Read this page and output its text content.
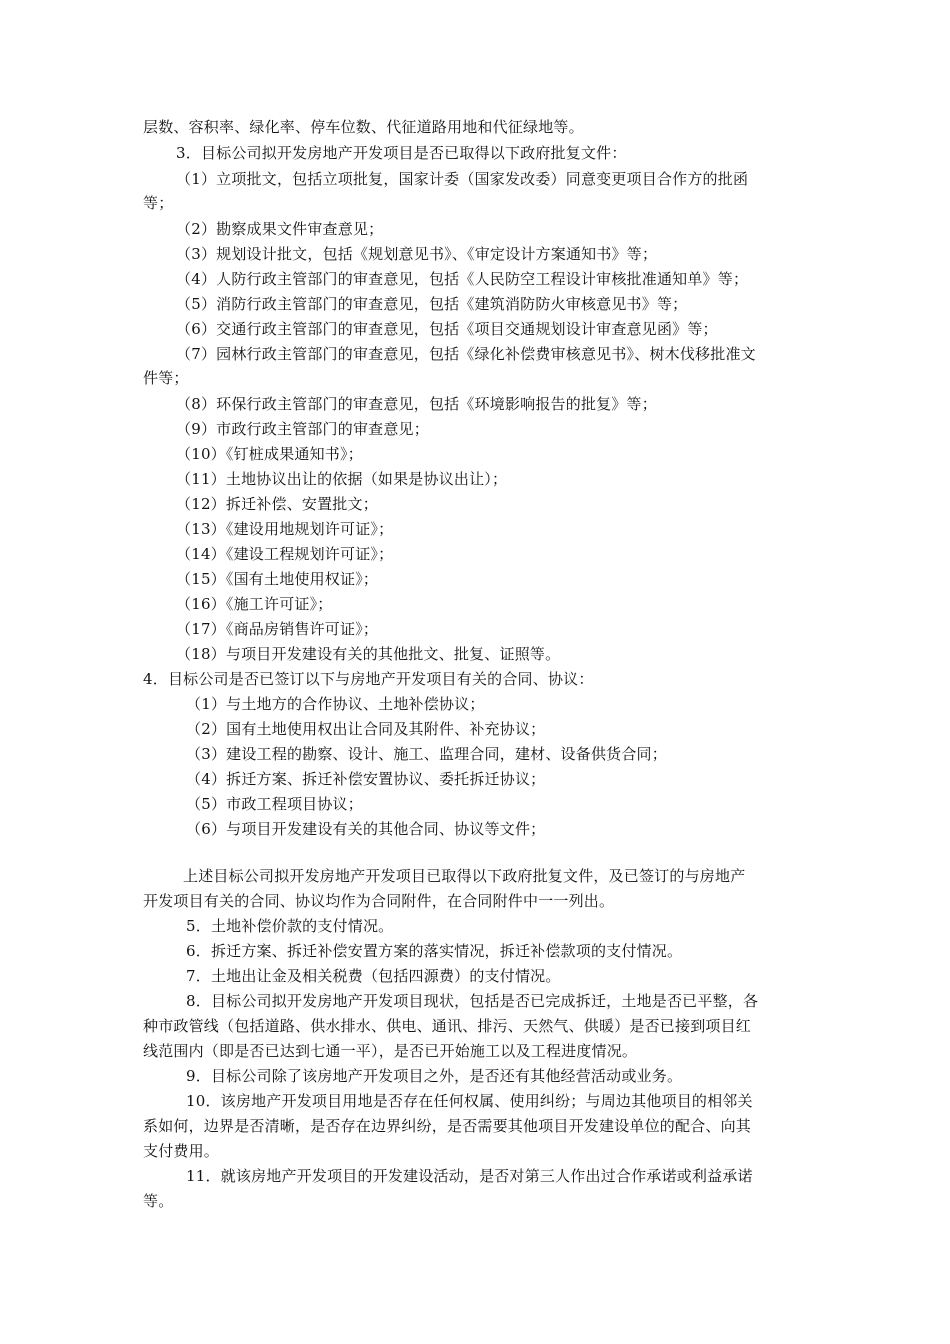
层数、容积率、绿化率、停车位数、代征道路用地和代征绿地等。
3．目标公司拟开发房地产开发项目是否已取得以下政府批复文件：
（1）立项批文，包括立项批复，国家计委（国家发改委）同意变更项目合作方的批函
等；
（2）勘察成果文件审查意见；
（3）规划设计批文，包括《规划意见书》、《审定设计方案通知书》等；
（4）人防行政主管部门的审查意见，包括《人民防空工程设计审核批准通知单》等；
（5）消防行政主管部门的审查意见，包括《建筑消防防火审核意见书》等；
（6）交通行政主管部门的审查意见，包括《项目交通规划设计审查意见函》等；
（7）园林行政主管部门的审查意见，包括《绿化补偿费审核意见书》、树木伐移批准文
件等；
（8）环保行政主管部门的审查意见，包括《环境影响报告的批复》等；
（9）市政行政主管部门的审查意见；
（10）《钉桩成果通知书》；
（11）土地协议出让的依据（如果是协议出让）；
（12）拆迁补偿、安置批文；
（13）《建设用地规划许可证》；
（14）《建设工程规划许可证》；
（15）《国有土地使用权证》；
（16）《施工许可证》；
（17）《商品房销售许可证》；
（18）与项目开发建设有关的其他批文、批复、证照等。
4．目标公司是否已签订以下与房地产开发项目有关的合同、协议：
（1）与土地方的合作协议、土地补偿协议；
（2）国有土地使用权出让合同及其附件、补充协议；
（3）建设工程的勘察、设计、施工、监理合同，建材、设备供货合同；
（4）拆迁方案、拆迁补偿安置协议、委托拆迁协议；
（5）市政工程项目协议；
（6）与项目开发建设有关的其他合同、协议等文件；
上述目标公司拟开发房地产开发项目已取得以下政府批复文件，及已签订的与房地产
开发项目有关的合同、协议均作为合同附件，在合同附件中一一列出。
5．土地补偿价款的支付情况。
6．拆迁方案、拆迁补偿安置方案的落实情况，拆迁补偿款项的支付情况。
7．土地出让金及相关税费（包括四源费）的支付情况。
8．目标公司拟开发房地产开发项目现状，包括是否已完成拆迁，土地是否已平整，各
种市政管线（包括道路、供水排水、供电、通讯、排污、天然气、供暖）是否已接到项目红
线范围内（即是否已达到七通一平），是否已开始施工以及工程进度情况。
9．目标公司除了该房地产开发项目之外，是否还有其他经营活动或业务。
10．该房地产开发项目用地是否存在任何权属、使用纠纷；与周边其他项目的相邻关
系如何，边界是否清晰，是否存在边界纠纷，是否需要其他项目开发建设单位的配合、向其
支付费用。
11．就该房地产开发项目的开发建设活动，是否对第三人作出过合作承诺或利益承诺
等。
